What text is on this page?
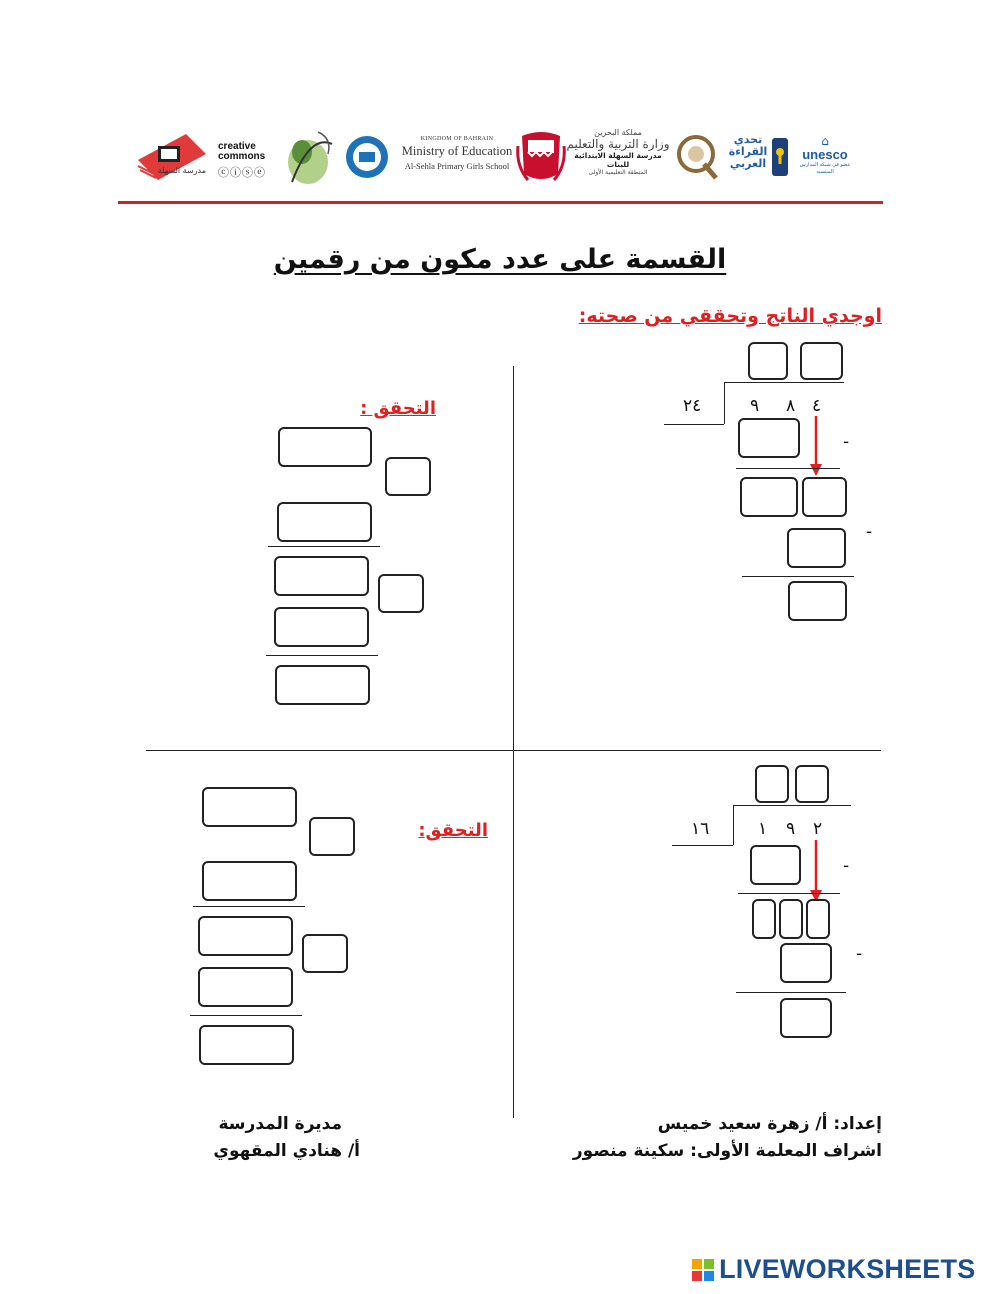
مدرسة السهلة
creative commons
ⓒⓘⓢⓔ
KINGDOM OF BAHRAIN
Ministry of Education
Al-Sehla Primary Girls School
مملكة البحرين
وزارة التربية والتعليم
مدرسة السهلة الابتدائية للبنات
المنطقة التعليمية الأولى
تحدي
القراءة
العربي
⌂
unesco
عضو في شبكة المدارس المنتسبة
القسمة على عدد مكون من رقمين
اوجدي الناتج وتحققي من صحته:
٢٤	٩ ٨ ٤
-
-
التحقق :
١٦	١ ٩ ٢
-
-
التحقق:
إعداد: أ/ زهرة سعيد خميس
اشراف المعلمة الأولى: سكينة منصور
مديرة المدرسة
أ/ هنادي المقهوي
LIVEWORKSHEETS
